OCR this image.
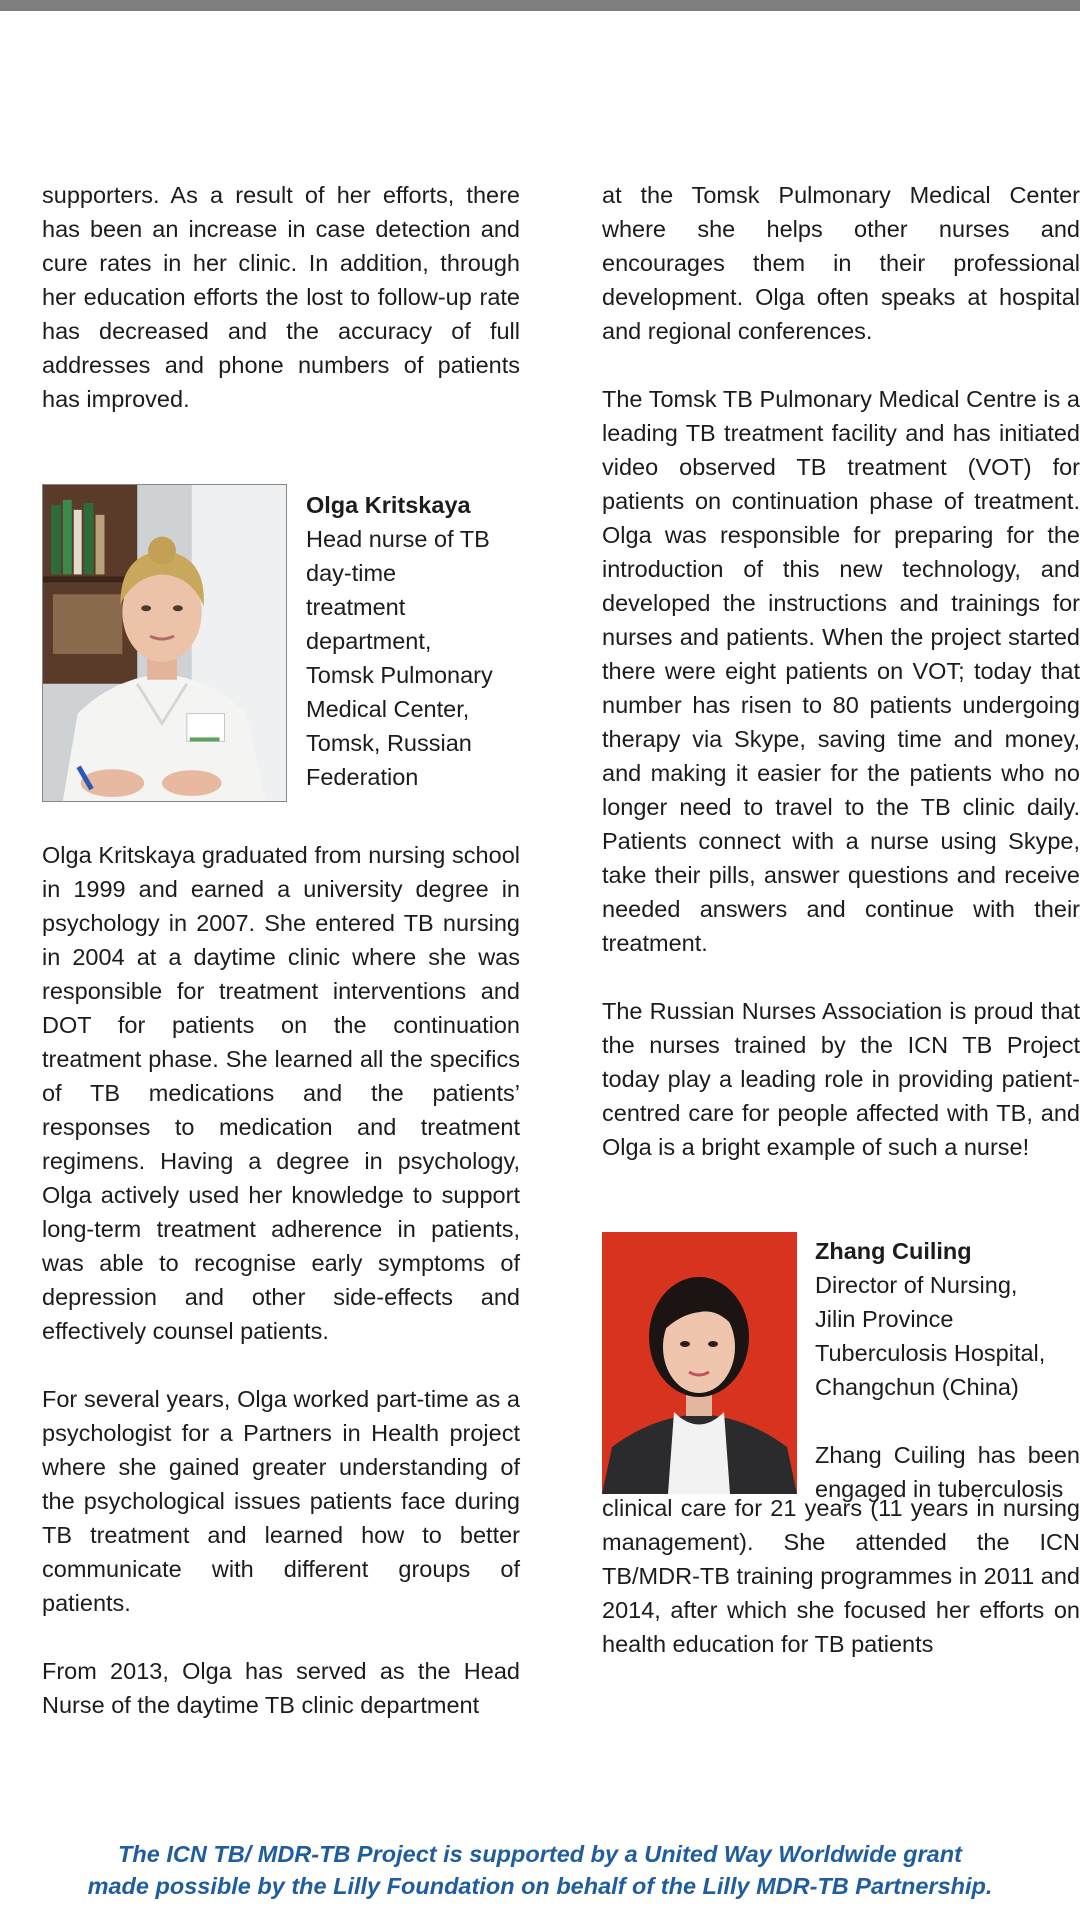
supporters. As a result of her efforts, there has been an increase in case detection and cure rates in her clinic. In addition, through her education efforts the lost to follow-up rate has decreased and the accuracy of full addresses and phone numbers of patients has improved.

Olga Kritskaya
Head nurse of TB
day-time
treatment
department,
Tomsk Pulmonary
Medical Center,
Tomsk, Russian
Federation

Olga Kritskaya graduated from nursing school in 1999 and earned a university degree in psychology in 2007. She entered TB nursing in 2004 at a daytime clinic where she was responsible for treatment interventions and DOT for patients on the continuation treatment phase. She learned all the specifics of TB medications and the patients’ responses to medication and treatment regimens. Having a degree in psychology, Olga actively used her knowledge to support long-term treatment adherence in patients, was able to recognise early symptoms of depression and other side-effects and effectively counsel patients.

For several years, Olga worked part-time as a psychologist for a Partners in Health project where she gained greater understanding of the psychological issues patients face during TB treatment and learned how to better communicate with different groups of patients.

From 2013, Olga has served as the Head Nurse of the daytime TB clinic department

at the Tomsk Pulmonary Medical Center where she helps other nurses and encourages them in their professional development. Olga often speaks at hospital and regional conferences.

The Tomsk TB Pulmonary Medical Centre is a leading TB treatment facility and has initiated video observed TB treatment (VOT) for patients on continuation phase of treatment. Olga was responsible for preparing for the introduction of this new technology, and developed the instructions and trainings for nurses and patients. When the project started there were eight patients on VOT; today that number has risen to 80 patients undergoing therapy via Skype, saving time and money, and making it easier for the patients who no longer need to travel to the TB clinic daily. Patients connect with a nurse using Skype, take their pills, answer questions and receive needed answers and continue with their treatment.

The Russian Nurses Association is proud that the nurses trained by the ICN TB Project today play a leading role in providing patient-centred care for people affected with TB, and Olga is a bright example of such a nurse!

Zhang Cuiling
Director of Nursing,
Jilin Province
Tuberculosis Hospital,
Changchun (China)
Zhang Cuiling has been engaged in tuberculosis

clinical care for 21 years (11 years in nursing management). She attended the ICN TB/MDR-TB training programmes in 2011 and 2014, after which she focused her efforts on health education for TB patients

The ICN TB/ MDR-TB Project is supported by a United Way Worldwide grant
made possible by the Lilly Foundation on behalf of the Lilly MDR-TB Partnership.
